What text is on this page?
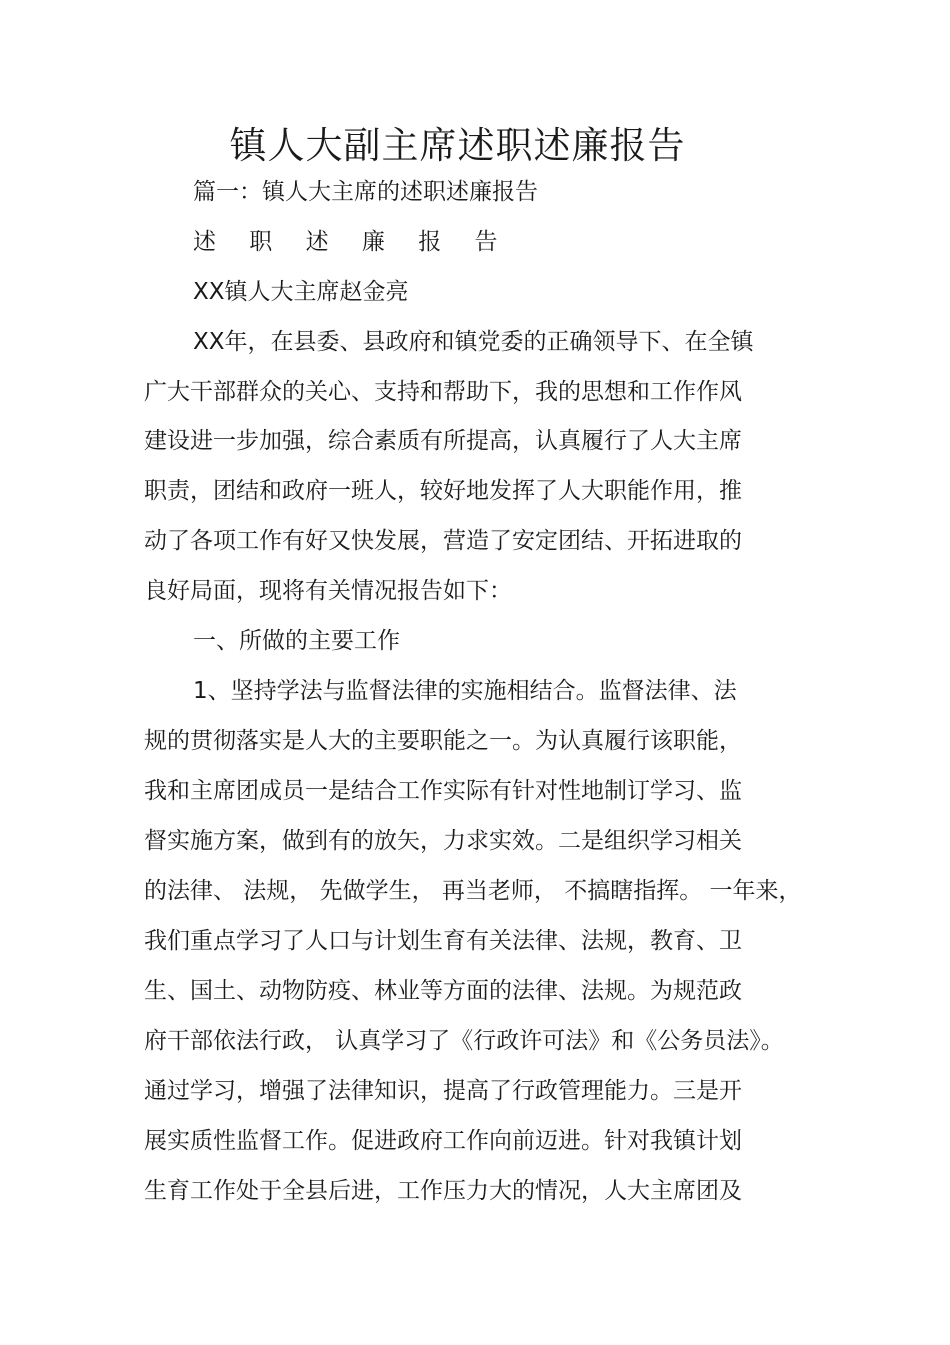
镇人大副主席述职述廉报告
篇一：镇人大主席的述职述廉报告
述 职 述 廉 报 告
XX镇人大主席赵金亮
XX年，在县委、县政府和镇党委的正确领导下、在全镇
广大干部群众的关心、支持和帮助下，我的思想和工作作风
建设进一步加强，综合素质有所提高，认真履行了人大主席
职责，团结和政府一班人，较好地发挥了人大职能作用，推
动了各项工作有好又快发展，营造了安定团结、开拓进取的
良好局面，现将有关情况报告如下：
一、所做的主要工作
1、坚持学法与监督法律的实施相结合。监督法律、法
规的贯彻落实是人大的主要职能之一。为认真履行该职能，
我和主席团成员一是结合工作实际有针对性地制订学习、监
督实施方案，做到有的放矢，力求实效。二是组织学习相关
的法律、 法规， 先做学生， 再当老师， 不搞瞎指挥。 一年来，
我们重点学习了人口与计划生育有关法律、法规，教育、卫
生、国土、动物防疫、林业等方面的法律、法规。为规范政
府干部依法行政， 认真学习了《行政许可法》和《公务员法》。
通过学习，增强了法律知识，提高了行政管理能力。三是开
展实质性监督工作。促进政府工作向前迈进。针对我镇计划
生育工作处于全县后进，工作压力大的情况，人大主席团及
